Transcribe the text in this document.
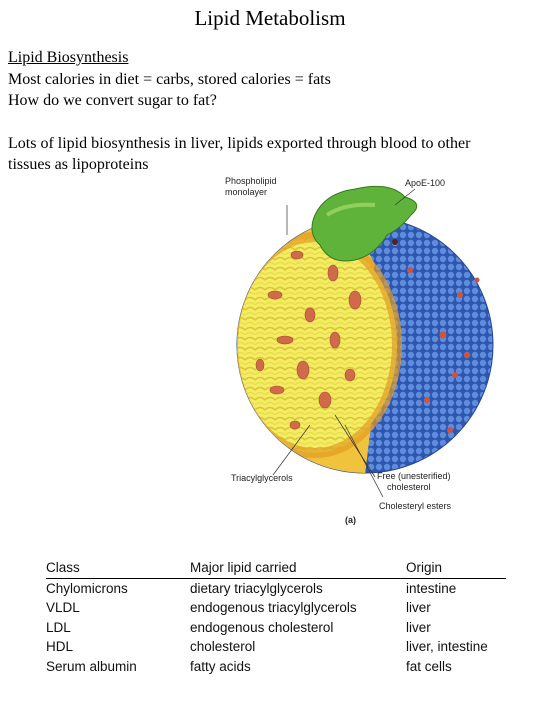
Lipid Metabolism
Lipid Biosynthesis
Most calories in diet = carbs, stored calories = fats
How do we convert sugar to fat?
Lots of lipid biosynthesis in liver, lipids exported through blood to other
tissues as lipoproteins
Phospholipid
monolayer
ApoE-100
Triacylglycerols	Free (unesterified)
cholesterol
Cholesteryl esters
(a)
Class	Major lipid carried	Origin
Chylomicrons	dietary triacylglycerols	intestine
VLDL	endogenous triacylglycerols	liver
LDL	endogenous cholesterol	liver
HDL	cholesterol	liver, intestine
Serum albumin	fatty acids	fat cells
